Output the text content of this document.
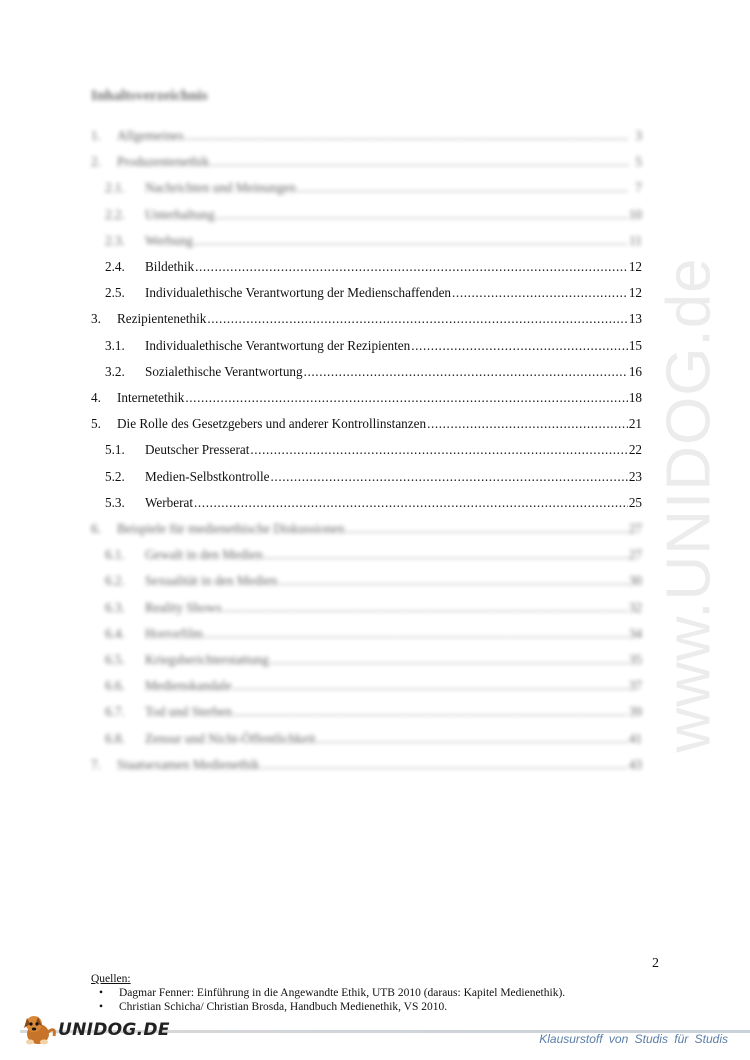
Inhaltsverzeichnis
1.	Allgemeines .....	3
2.	Produzentenethik .....	5
2.1.	Nachrichten und Meinungen .....	7
2.2.	Unterhaltung .....	10
2.3.	Werbung .....	11
2.4.	Bildethik .....	12
2.5.	Individualethische Verantwortung der Medienschaffenden .....	12
3.	Rezipientenethik .....	13
3.1.	Individualethische Verantwortung der Rezipienten .....	15
3.2.	Sozialethische Verantwortung .....	16
4.	Internetethik .....	18
5.	Die Rolle des Gesetzgebers und anderer Kontrollinstanzen .....	21
5.1.	Deutscher Presserat .....	22
5.2.	Medien-Selbstkontrolle .....	23
5.3.	Werberat .....	25
6.	Beispiele für medienethische Diskussionen .....	27
6.1.	Gewalt in den Medien .....	27
6.2.	Sexualität in den Medien .....	30
6.3.	Reality Shows .....	32
6.4.	Horrorfilm .....	34
6.5.	Kriegsberichterstattung .....	35
6.6.	Medienskandale .....	37
6.7.	Tod und Sterben .....	39
6.8.	Zensur und Nicht-Öffentlichkeit .....	41
7.	Staatsexamen Medienethik .....	43
www.UNIDOG.de
2
Quellen:
• Dagmar Fenner: Einführung in die Angewandte Ethik, UTB 2010 (daraus: Kapitel Medienethik).
• Christian Schicha/ Christian Brosda, Handbuch Medienethik, VS 2010.
UNIDOG.DE	Klausurstoff von Studis für Studis
